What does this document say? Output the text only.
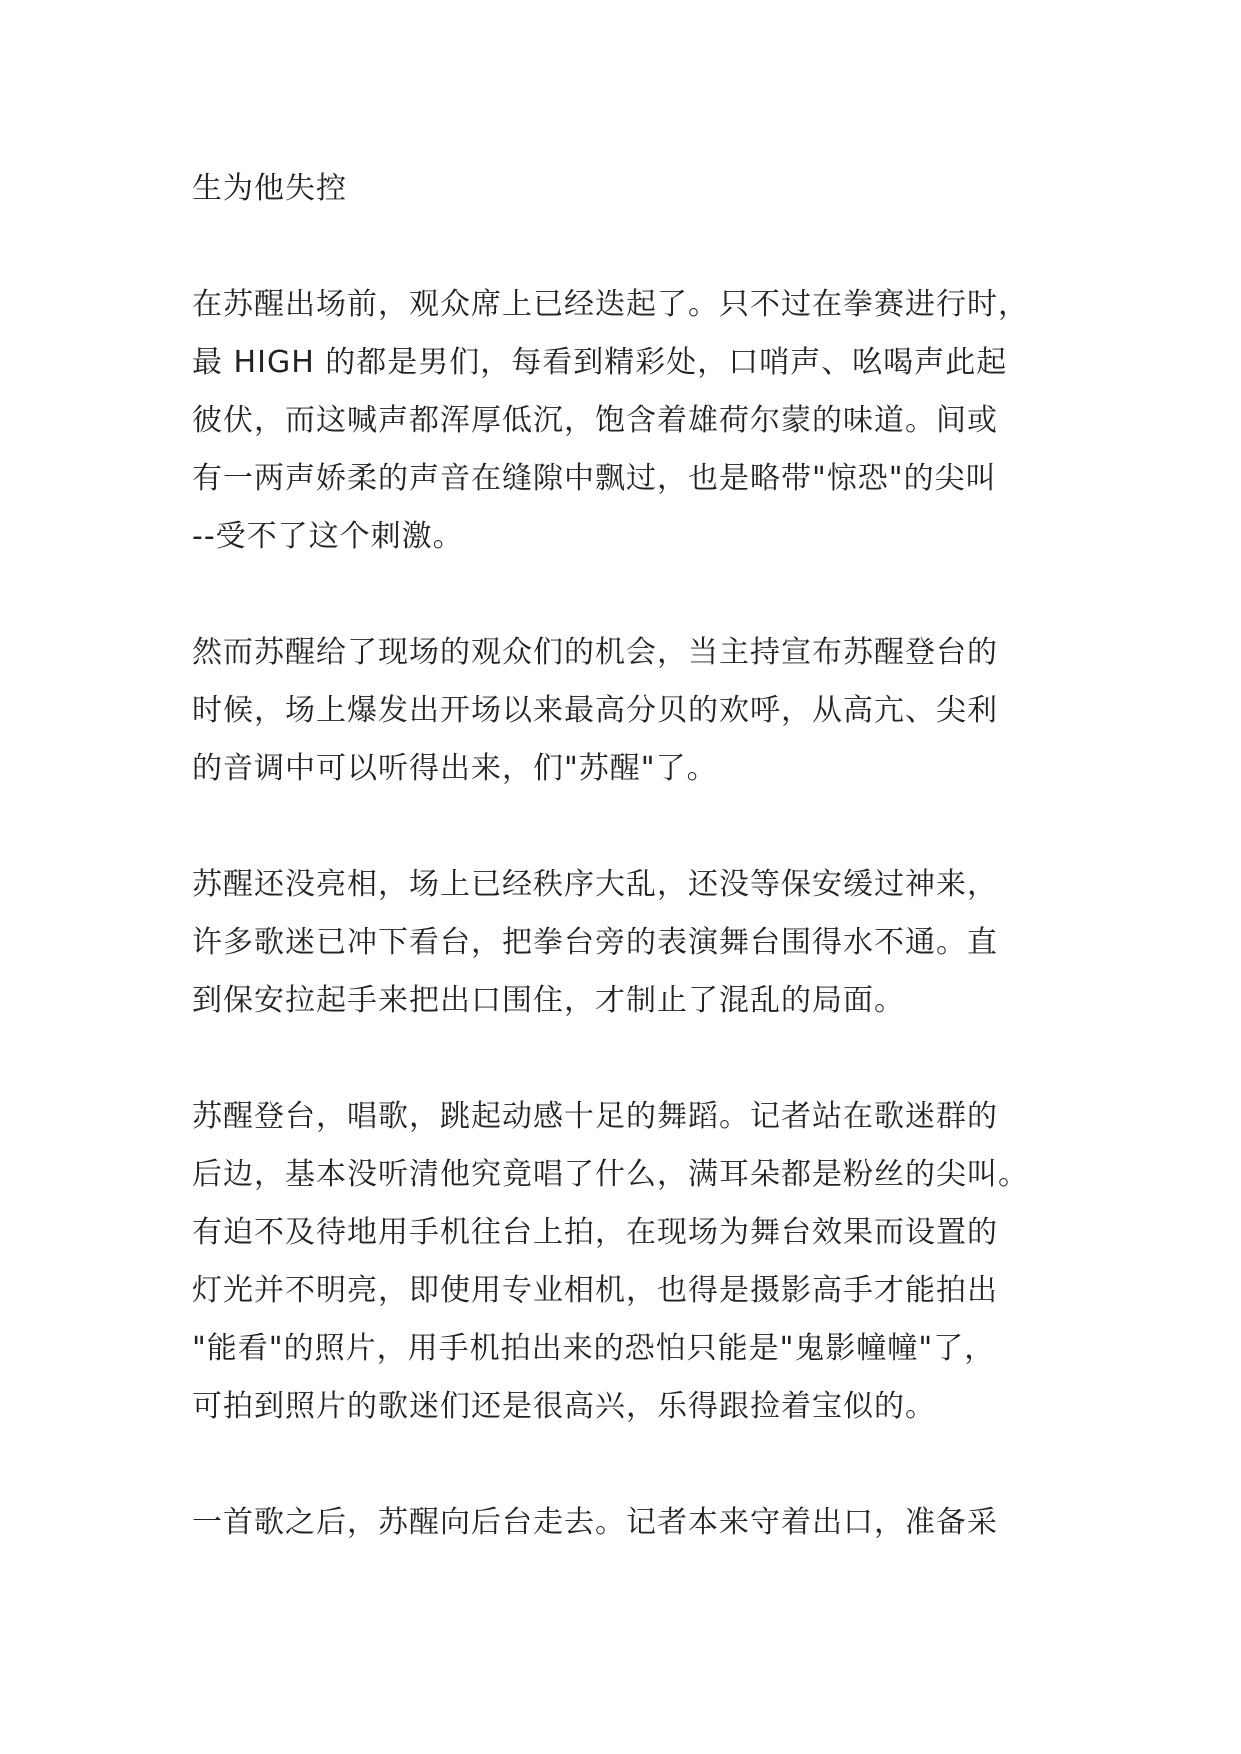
生为他失控
在苏醒出场前，观众席上已经迭起了。只不过在拳赛进行时，
最 HIGH 的都是男们，每看到精彩处，口哨声、吆喝声此起
彼伏，而这喊声都浑厚低沉，饱含着雄荷尔蒙的味道。间或
有一两声娇柔的声音在缝隙中飘过，也是略带"惊恐"的尖叫
--受不了这个刺激。
然而苏醒给了现场的观众们的机会，当主持宣布苏醒登台的
时候，场上爆发出开场以来最高分贝的欢呼，从高亢、尖利
的音调中可以听得出来，们"苏醒"了。
苏醒还没亮相，场上已经秩序大乱，还没等保安缓过神来，
许多歌迷已冲下看台，把拳台旁的表演舞台围得水不通。直
到保安拉起手来把出口围住，才制止了混乱的局面。
苏醒登台，唱歌，跳起动感十足的舞蹈。记者站在歌迷群的
后边，基本没听清他究竟唱了什么，满耳朵都是粉丝的尖叫。
有迫不及待地用手机往台上拍，在现场为舞台效果而设置的
灯光并不明亮，即使用专业相机，也得是摄影高手才能拍出
"能看"的照片，用手机拍出来的恐怕只能是"鬼影幢幢"了，
可拍到照片的歌迷们还是很高兴，乐得跟捡着宝似的。
一首歌之后，苏醒向后台走去。记者本来守着出口，准备采
